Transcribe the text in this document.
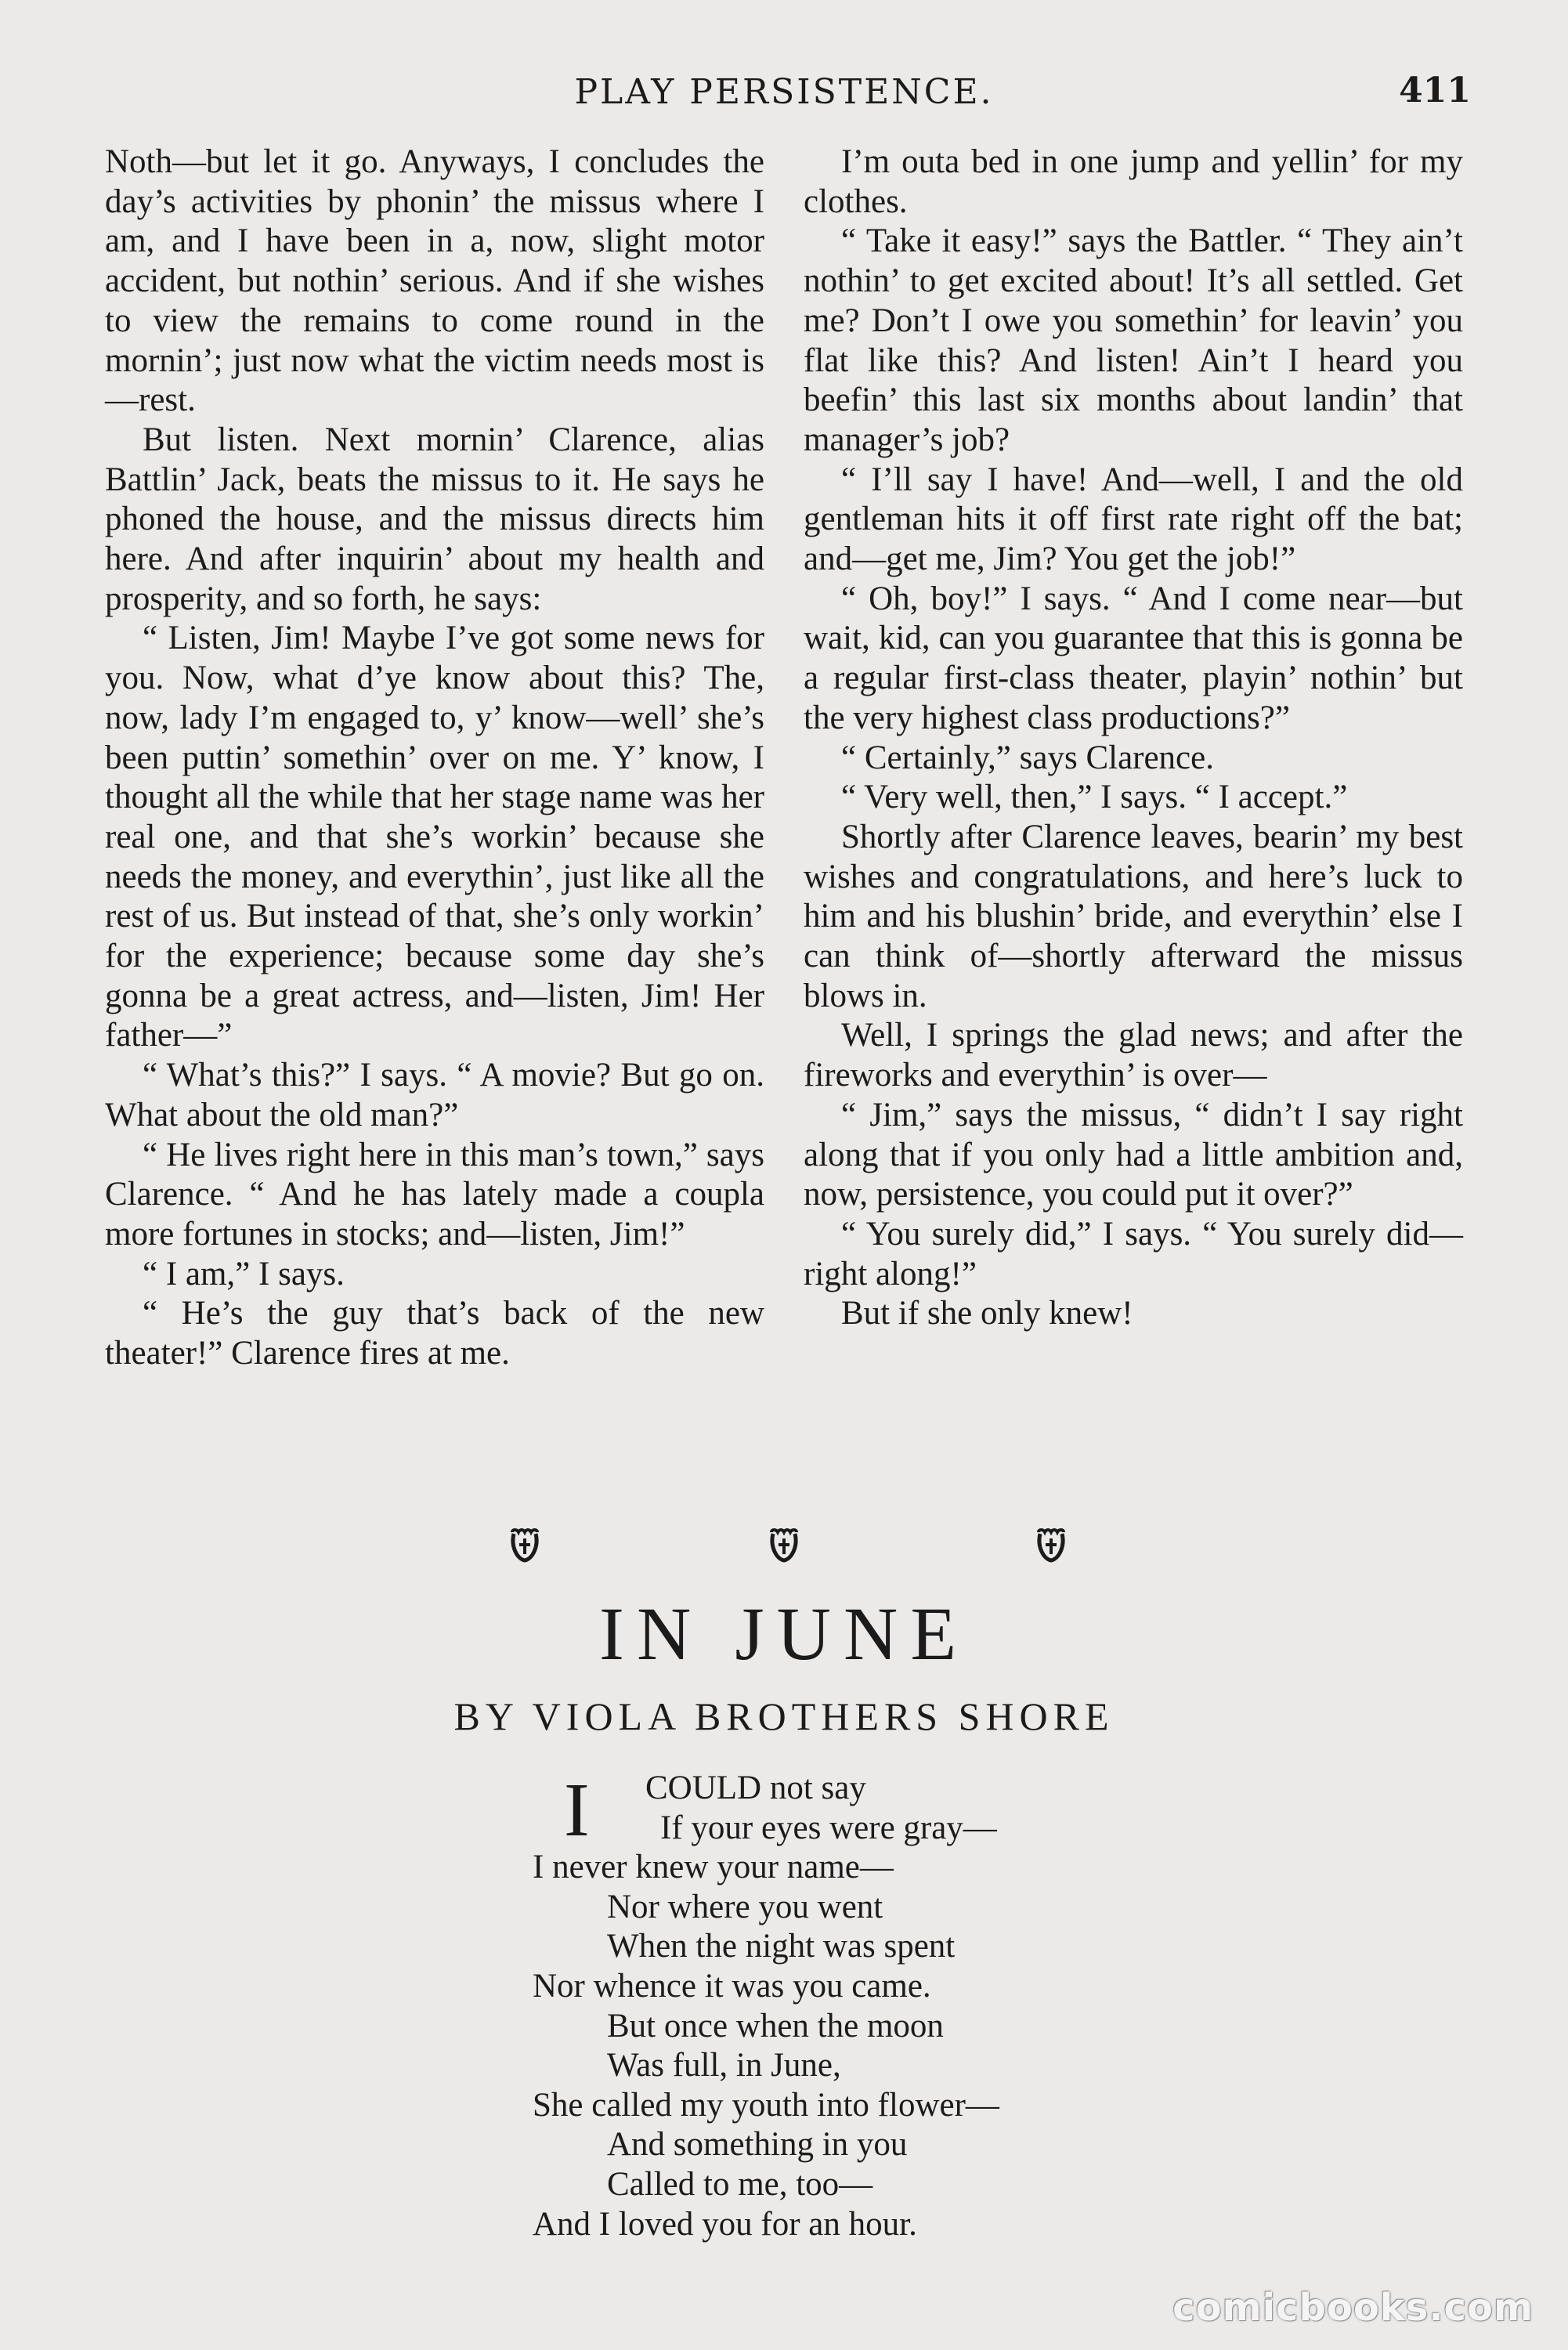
PLAY PERSISTENCE.	411

Noth—but let it go. Anyways, I concludes the day’s activities by phonin’ the missus where I am, and I have been in a, now, slight motor accident, but nothin’ serious. And if she wishes to view the remains to come round in the mornin’; just now what the victim needs most is—rest.

But listen. Next mornin’ Clarence, alias Battlin’ Jack, beats the missus to it. He says he phoned the house, and the missus directs him here. And after inquirin’ about my health and prosperity, and so forth, he says:

“ Listen, Jim! Maybe I’ve got some news for you. Now, what d’ye know about this? The, now, lady I’m engaged to, y’ know—well’ she’s been puttin’ somethin’ over on me. Y’ know, I thought all the while that her stage name was her real one, and that she’s workin’ because she needs the money, and everythin’, just like all the rest of us. But instead of that, she’s only workin’ for the experience; because some day she’s gonna be a great actress, and—listen, Jim! Her father—”

“ What’s this?” I says. “ A movie? But go on. What about the old man?”

“ He lives right here in this man’s town,” says Clarence. “ And he has lately made a coupla more fortunes in stocks; and—listen, Jim!”

“ I am,” I says.

“ He’s the guy that’s back of the new theater!” Clarence fires at me.

I’m outa bed in one jump and yellin’ for my clothes.

“ Take it easy!” says the Battler. “ They ain’t nothin’ to get excited about! It’s all settled. Get me? Don’t I owe you somethin’ for leavin’ you flat like this? And listen! Ain’t I heard you beefin’ this last six months about landin’ that manager’s job?

“ I’ll say I have! And—well, I and the old gentleman hits it off first rate right off the bat; and—get me, Jim? You get the job!”

“ Oh, boy!” I says. “ And I come near—but wait, kid, can you guarantee that this is gonna be a regular first-class theater, playin’ nothin’ but the very highest class productions?”

“ Certainly,” says Clarence.

“ Very well, then,” I says. “ I accept.”

Shortly after Clarence leaves, bearin’ my best wishes and congratulations, and here’s luck to him and his blushin’ bride, and everythin’ else I can think of—shortly afterward the missus blows in.

Well, I springs the glad news; and after the fireworks and everythin’ is over—

“ Jim,” says the missus, “ didn’t I say right along that if you only had a little ambition and, now, persistence, you could put it over?”

“ You surely did,” I says. “ You surely did—right along!”

But if she only knew!

IN JUNE
BY VIOLA BROTHERS SHORE
I	COULD not say
If your eyes were gray—
I never knew your name—
Nor where you went
When the night was spent
Nor whence it was you came.
But once when the moon
Was full, in June,
She called my youth into flower—
And something in you
Called to me, too—
And I loved you for an hour.
comicbooks.com
